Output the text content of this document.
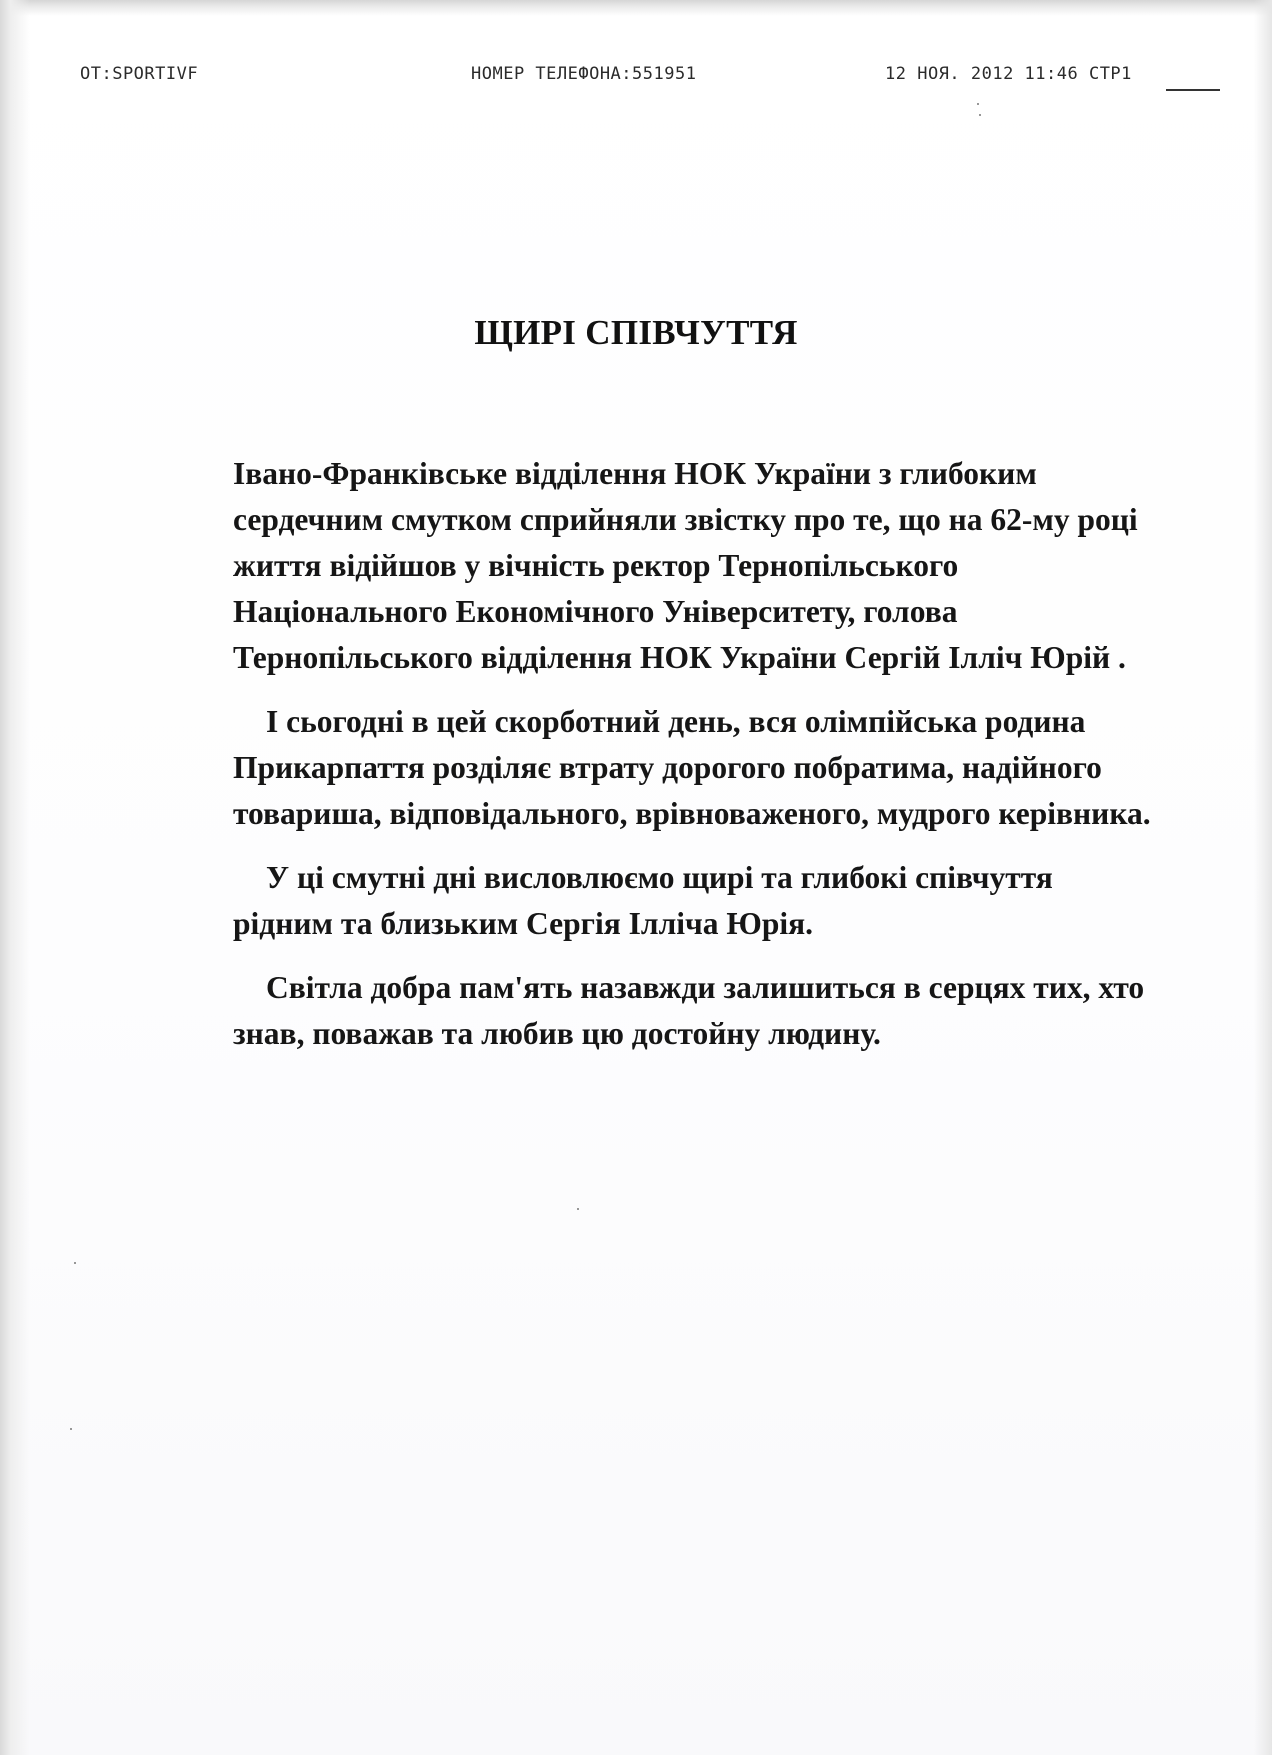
OT:SPORTIVF	НОМЕР ТЕЛЕФОНА:551951	12 НОЯ. 2012 11:46 СТР1
ЩИРІ СПІВЧУТТЯ

Івано-Франківське відділення НОК України з глибоким сердечним смутком сприйняли звістку про те, що на 62-му році життя відійшов у вічність ректор Тернопільського Національного Економічного Університету, голова Тернопільського відділення НОК України Сергій Ілліч Юрій .

І сьогодні в цей скорботний день, вся олімпійська родина Прикарпаття розділяє втрату дорогого побратима, надійного товариша, відповідального, врівноваженого, мудрого керівника.

У ці смутні дні висловлюємо щирі та глибокі співчуття рідним та близьким Сергія Ілліча Юрія.

Світла добра пам'ять назавжди залишиться в серцях тих, хто знав, поважав та любив цю достойну людину.
